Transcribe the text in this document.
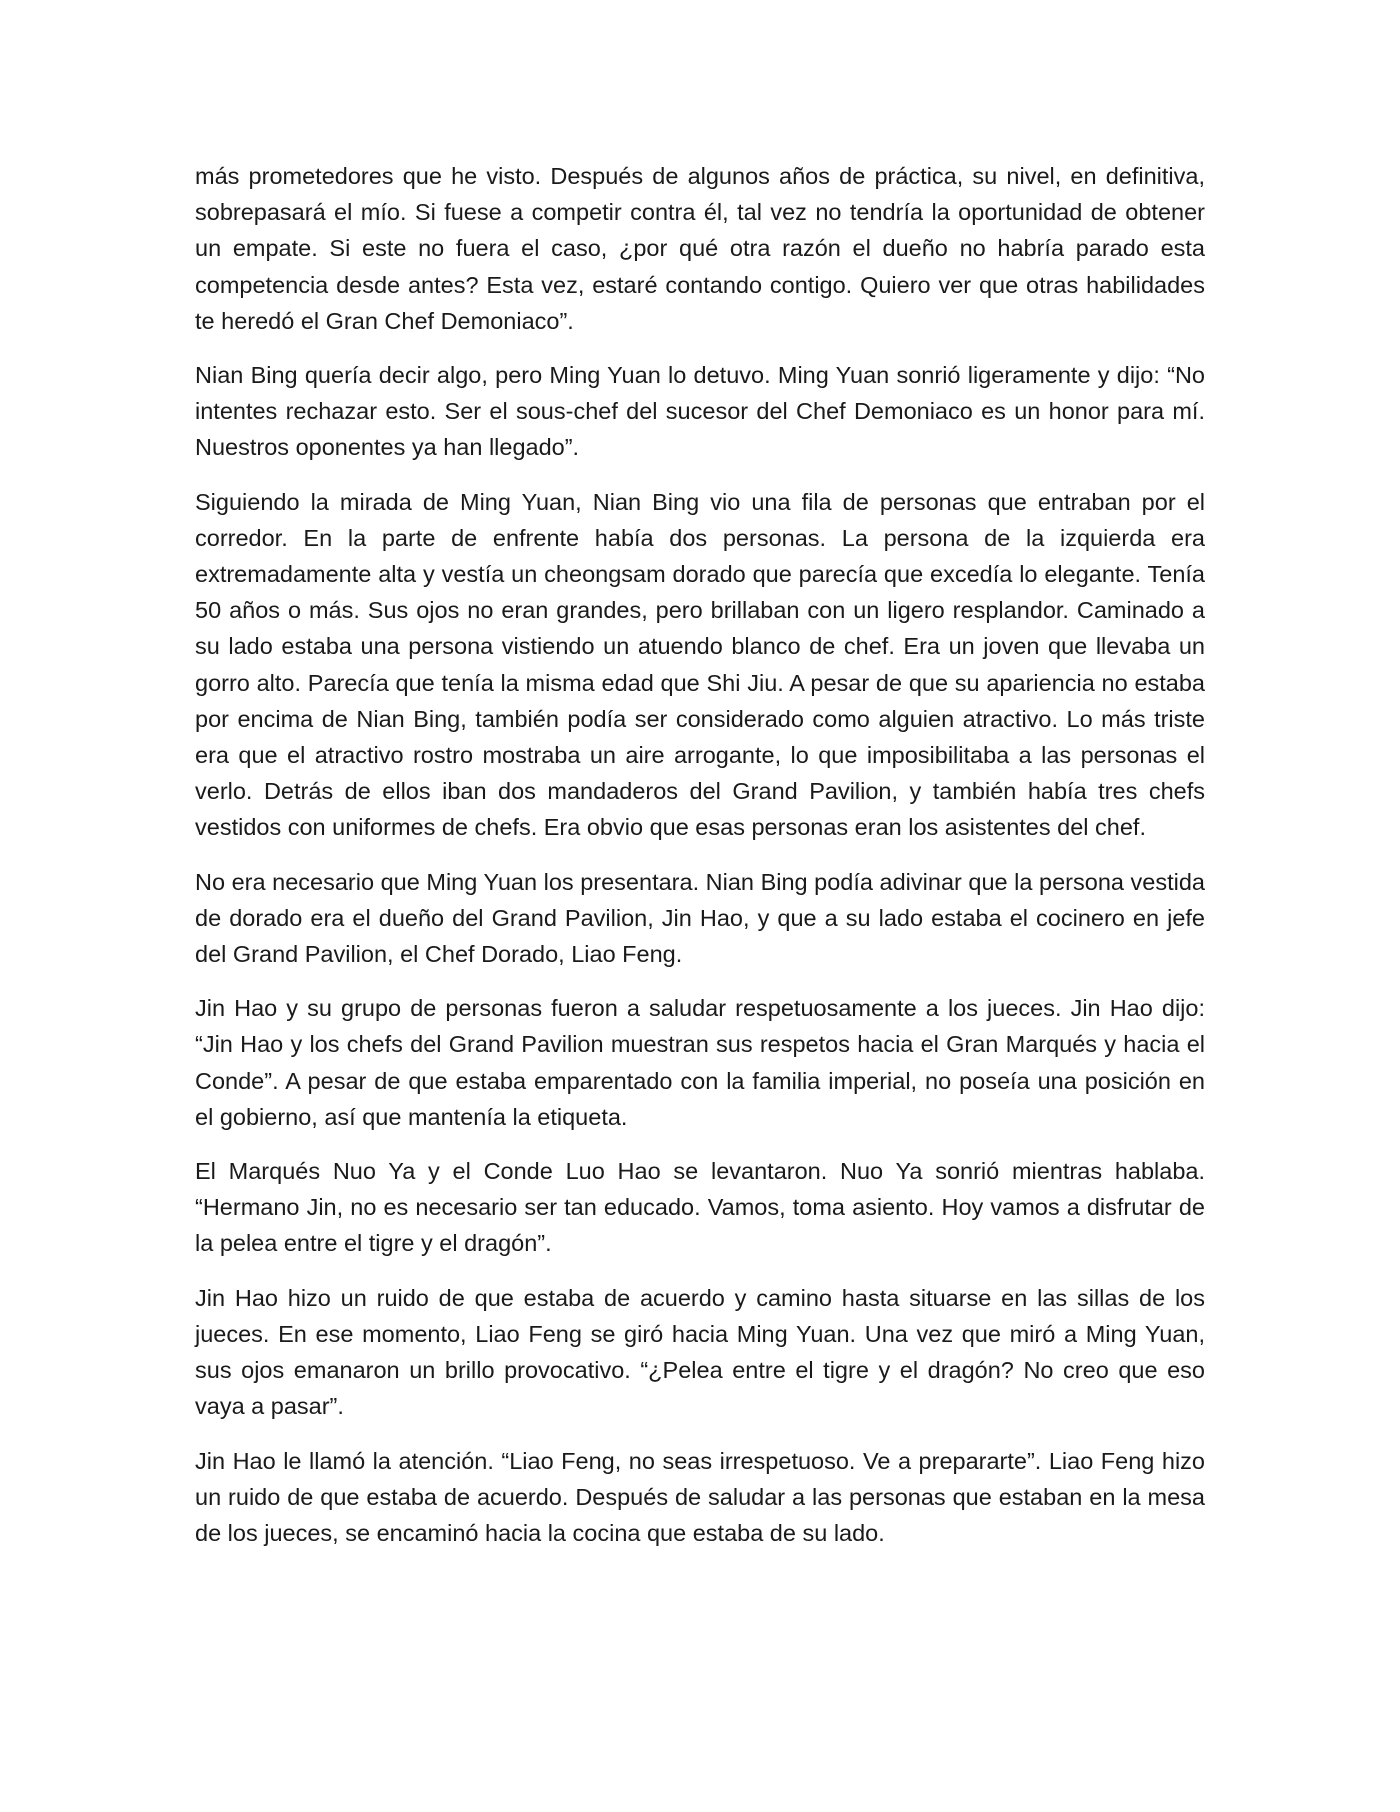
más prometedores que he visto. Después de algunos años de práctica, su nivel, en definitiva, sobrepasará el mío. Si fuese a competir contra él, tal vez no tendría la oportunidad de obtener un empate. Si este no fuera el caso, ¿por qué otra razón el dueño no habría parado esta competencia desde antes? Esta vez, estaré contando contigo. Quiero ver que otras habilidades te heredó el Gran Chef Demoniaco”.

Nian Bing quería decir algo, pero Ming Yuan lo detuvo. Ming Yuan sonrió ligeramente y dijo: “No intentes rechazar esto. Ser el sous-chef del sucesor del Chef Demoniaco es un honor para mí. Nuestros oponentes ya han llegado”.

Siguiendo la mirada de Ming Yuan, Nian Bing vio una fila de personas que entraban por el corredor. En la parte de enfrente había dos personas. La persona de la izquierda era extremadamente alta y vestía un cheongsam dorado que parecía que excedía lo elegante. Tenía 50 años o más. Sus ojos no eran grandes, pero brillaban con un ligero resplandor. Caminado a su lado estaba una persona vistiendo un atuendo blanco de chef. Era un joven que llevaba un gorro alto. Parecía que tenía la misma edad que Shi Jiu. A pesar de que su apariencia no estaba por encima de Nian Bing, también podía ser considerado como alguien atractivo. Lo más triste era que el atractivo rostro mostraba un aire arrogante, lo que imposibilitaba a las personas el verlo. Detrás de ellos iban dos mandaderos del Grand Pavilion, y también había tres chefs vestidos con uniformes de chefs. Era obvio que esas personas eran los asistentes del chef.

No era necesario que Ming Yuan los presentara. Nian Bing podía adivinar que la persona vestida de dorado era el dueño del Grand Pavilion, Jin Hao, y que a su lado estaba el cocinero en jefe del Grand Pavilion, el Chef Dorado, Liao Feng.

Jin Hao y su grupo de personas fueron a saludar respetuosamente a los jueces. Jin Hao dijo: “Jin Hao y los chefs del Grand Pavilion muestran sus respetos hacia el Gran Marqués y hacia el Conde”. A pesar de que estaba emparentado con la familia imperial, no poseía una posición en el gobierno, así que mantenía la etiqueta.

El Marqués Nuo Ya y el Conde Luo Hao se levantaron. Nuo Ya sonrió mientras hablaba. “Hermano Jin, no es necesario ser tan educado. Vamos, toma asiento. Hoy vamos a disfrutar de la pelea entre el tigre y el dragón”.

Jin Hao hizo un ruido de que estaba de acuerdo y camino hasta situarse en las sillas de los jueces. En ese momento, Liao Feng se giró hacia Ming Yuan. Una vez que miró a Ming Yuan, sus ojos emanaron un brillo provocativo. “¿Pelea entre el tigre y el dragón? No creo que eso vaya a pasar”.

Jin Hao le llamó la atención. “Liao Feng, no seas irrespetuoso. Ve a prepararte”. Liao Feng hizo un ruido de que estaba de acuerdo. Después de saludar a las personas que estaban en la mesa de los jueces, se encaminó hacia la cocina que estaba de su lado.
